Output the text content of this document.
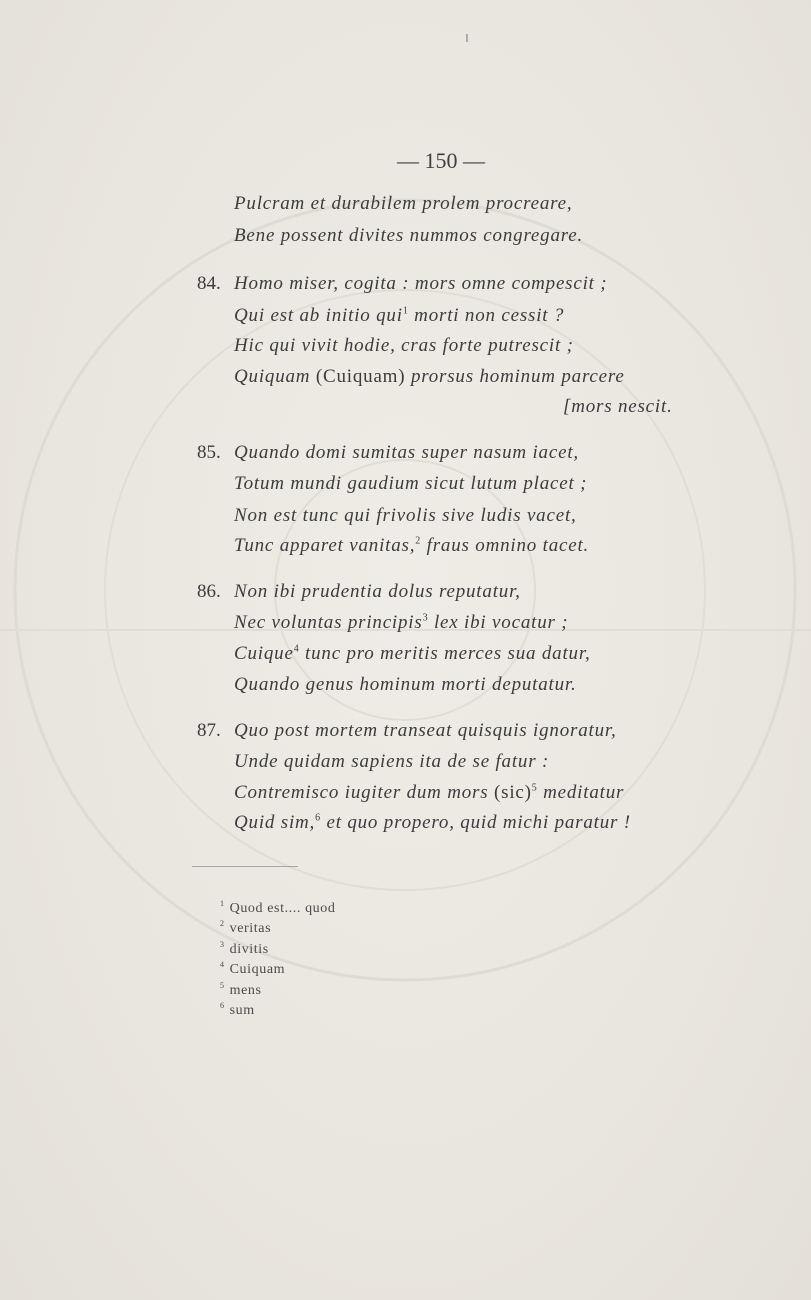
ı
— 150 —
Pulcram et durabilem prolem procreare,
Bene possent divites nummos congregare.
84. Homo miser, cogita : mors omne compescit ;
Qui est ab initio qui$^1$ morti non cessit ?
Hic qui vivit hodie, cras forte putrescit ;
Quiquam (Cuiquam) prorsus hominum parcere
[mors nescit.
85. Quando domi sumitas super nasum iacet,
Totum mundi gaudium sicut lutum placet ;
Non est tunc qui frivolis sive ludis vacet,
Tunc apparet vanitas,$^2$ fraus omnino tacet.
86. Non ibi prudentia dolus reputatur,
Nec voluntas principis$^3$ lex ibi vocatur ;
Cuique$^4$ tunc pro meritis merces sua datur,
Quando genus hominum morti deputatur.
87. Quo post mortem transeat quisquis ignoratur,
Unde quidam sapiens ita de se fatur :
Contremisco iugiter dum mors (sic)$^5$ meditatur
Quid sim,$^6$ et quo propero, quid michi paratur !
$^1$ Quod est.... quod
$^2$ veritas
$^3$ divitis
$^4$ Cuiquam
$^5$ mens
$^6$ sum
